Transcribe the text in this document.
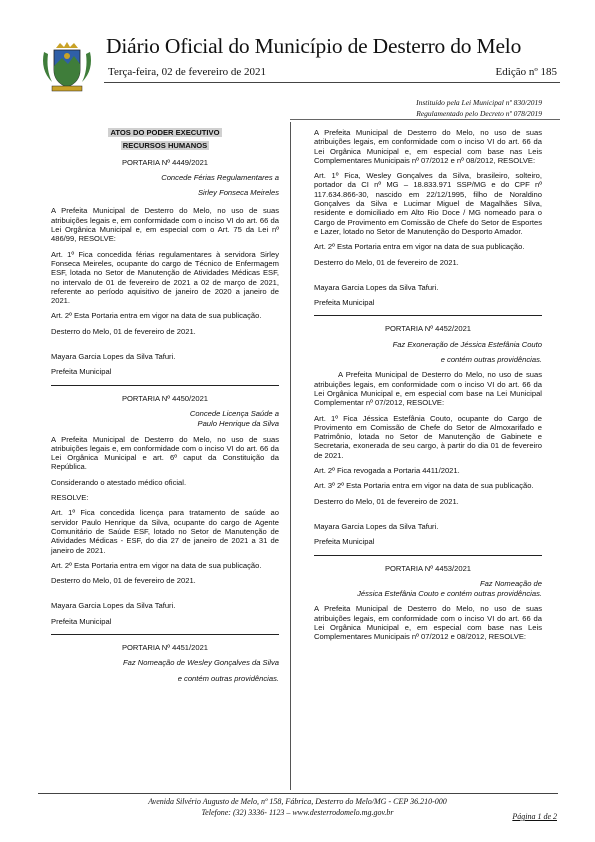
Diário Oficial do Município de Desterro do Melo
Terça-feira, 02 de fevereiro de 2021	Edição nº 185
Instituído pela Lei Municipal nº 830/2019
Regulamentado pelo Decreto nº 078/2019

ATOS DO PODER EXECUTIVO

RECURSOS HUMANOS

PORTARIA Nº 4449/2021

Concede Férias Regulamentares a

Sirley Fonseca Meireles

A Prefeita Municipal de Desterro do Melo, no uso de suas atribuições legais e, em conformidade com o inciso VI do art. 66 da Lei Orgânica Municipal e, em especial com o Art. 75 da Lei nº 486/99, RESOLVE:

Art. 1º Fica concedida férias regulamentares à servidora Sirley Fonseca Meireles, ocupante do cargo de Técnico de Enfermagem ESF, lotada no Setor de Manutenção de Atividades Médicas ESF, no intervalo de 01 de fevereiro de 2021 a 02 de março de 2021, referente ao período aquisitivo de janeiro de 2020 a janeiro de 2021.

Art. 2º Esta Portaria entra em vigor na data de sua publicação.

Desterro do Melo, 01 de fevereiro de 2021.

Mayara Garcia Lopes da Silva Tafuri.

Prefeita Municipal

PORTARIA Nº 4450/2021

Concede Licença Saúde a

Paulo Henrique da Silva

A Prefeita Municipal de Desterro do Melo, no uso de suas atribuições legais e, em conformidade com o inciso VI do art. 66 da Lei Orgânica Municipal e art. 6º caput da Constituição da República.

Considerando o atestado médico oficial.

RESOLVE:

Art. 1º Fica concedida licença para tratamento de saúde ao servidor Paulo Henrique da Silva, ocupante do cargo de Agente Comunitário de Saúde ESF, lotado no Setor de Manutenção de Atividades Médicas - ESF, do dia 27 de janeiro de 2021 a 31 de janeiro de 2021.

Art. 2º Esta Portaria entra em vigor na data de sua publicação.

Desterro do Melo, 01 de fevereiro de 2021.

Mayara Garcia Lopes da Silva Tafuri.

Prefeita Municipal

PORTARIA Nº 4451/2021

Faz Nomeação de Wesley Gonçalves da Silva

e contém outras providências.

A Prefeita Municipal de Desterro do Melo, no uso de suas atribuições legais, em conformidade com o inciso VI do art. 66 da Lei Orgânica Municipal e, em especial com base nas Leis Complementares Municipais nº 07/2012 e nº 08/2012, RESOLVE:

Art. 1º Fica, Wesley Gonçalves da Silva, brasileiro, solteiro, portador da CI nº MG – 18.833.971 SSP/MG e do CPF nº 117.634.866-30, nascido em 22/12/1995, filho de Noraldino Gonçalves da Silva e Lucimar Miguel de Magalhães Silva, residente e domiciliado em Alto Rio Doce / MG nomeado para o Cargo de Provimento em Comissão de Chefe do Setor de Esportes e Lazer, lotado no Setor de Manutenção do Desporto Amador.

Art. 2º Esta Portaria entra em vigor na data de sua publicação.

Desterro do Melo, 01 de fevereiro de 2021.

Mayara Garcia Lopes da Silva Tafuri.

Prefeita Municipal

PORTARIA Nº 4452/2021

Faz Exoneração de Jéssica Estefânia Couto

e contém outras providências.

A Prefeita Municipal de Desterro do Melo, no uso de suas atribuições legais, em conformidade com o inciso VI do art. 66 da Lei Orgânica Municipal e, em especial com base na Lei Municipal Complementar nº 07/2012, RESOLVE:

Art. 1º Fica Jéssica Estefânia Couto, ocupante do Cargo de Provimento em Comissão de Chefe do Setor de Almoxarifado e Patrimônio, lotada no Setor de Manutenção de Gabinete e Secretaria, exonerada de seu cargo, à partir do dia 01 de fevereiro de 2021.

Art. 2º Fica revogada a Portaria 4411/2021.

Art. 3º 2º Esta Portaria entra em vigor na data de sua publicação.

Desterro do Melo, 01 de fevereiro de 2021.

Mayara Garcia Lopes da Silva Tafuri.

Prefeita Municipal

PORTARIA Nº 4453/2021

Faz Nomeação de

Jéssica Estefânia Couto e contém outras providências.

A Prefeita Municipal de Desterro do Melo, no uso de suas atribuições legais, em conformidade com o inciso VI do art. 66 da Lei Orgânica Municipal e, em especial com base nas Leis Complementares Municipais nº 07/2012 e 08/2012, RESOLVE:

Avenida Silvério Augusto de Melo, nº 158, Fábrica, Desterro do Melo/MG - CEP 36.210-000
Telefone: (32) 3336- 1123 – www.desterrodomelo.mg.gov.br	Página 1 de 2
